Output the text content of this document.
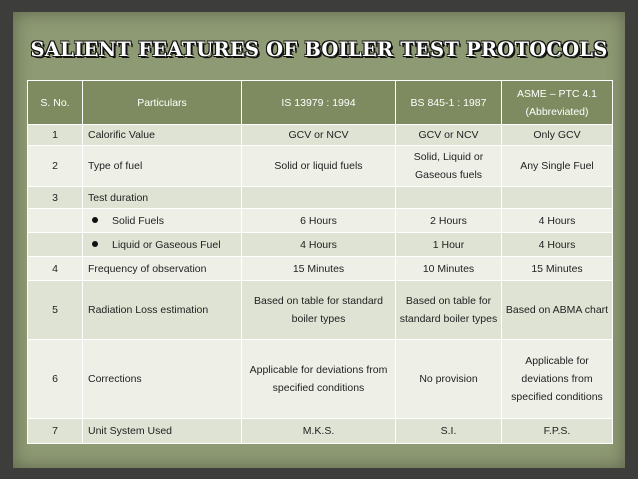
SALIENT FEATURES OF BOILER TEST PROTOCOLS
S. No.	Particulars	IS 13979 : 1994	BS 845-1 : 1987	ASME – PTC 4.1
(Abbreviated)
1	Calorific Value	GCV or NCV	GCV or NCV	Only GCV
2	Type of fuel	Solid or liquid fuels	Solid, Liquid or Gaseous fuels	Any Single Fuel
3	Test duration			
	Solid Fuels	6 Hours	2 Hours	4 Hours
	Liquid or Gaseous Fuel	4 Hours	1 Hour	4 Hours
4	Frequency of observation	15 Minutes	10 Minutes	15 Minutes
5	Radiation Loss estimation	Based on table for standard boiler types	Based on table for standard boiler types	Based on ABMA chart
6	Corrections	Applicable for deviations from specified conditions	No provision	Applicable for deviations from specified conditions
7	Unit System Used	M.K.S.	S.I.	F.P.S.
